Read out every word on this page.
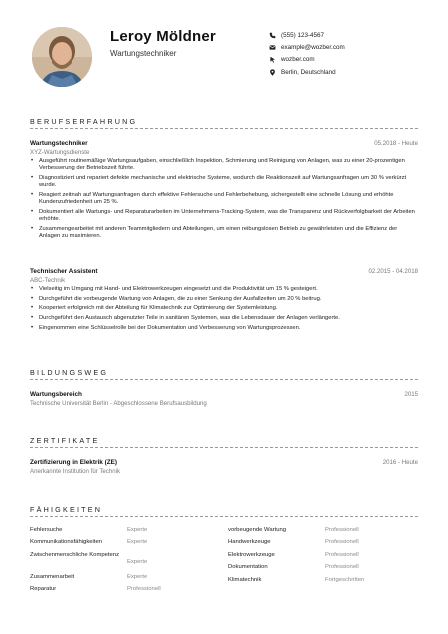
Leroy Möldner
Wartungstechniker
(555) 123-4567
example@wozber.com
wozber.com
Berlin, Deutschland
BERUFSERFAHRUNG
Wartungstechniker	05.2018 - Heute
XYZ-Wartungsdienste
• Ausgeführt routinemäßige Wartungsaufgaben, einschließlich Inspektion, Schmierung und Reinigung von Anlagen, was zu einer 20-prozentigen Verbesserung der Betriebszeit führte.
• Diagnostiziert und repariert defekte mechanische und elektrische Systeme, wodurch die Reaktionszeit auf Wartungsanfragen um 30 % verkürzt wurde.
• Reagiert zeitnah auf Wartungsanfragen durch effektive Fehlersuche und Fehlerbehebung, sichergestellt eine schnelle Lösung und erhöhte Kundenzufriedenheit um 25 %.
• Dokumentiert alle Wartungs- und Reparaturarbeiten im Unternehmens-Tracking-System, was die Transparenz und Rückverfolgbarkeit der Arbeiten erhöhte.
• Zusammengearbeitet mit anderen Teammitgliedern und Abteilungen, um einen reibungslosen Betrieb zu gewährleisten und die Effizienz der Anlagen zu maximieren.
Technischer Assistent	02.2015 - 04.2018
ABC-Technik
• Vielseitig im Umgang mit Hand- und Elektrowerkzeugen eingesetzt und die Produktivität um 15 % gesteigert.
• Durchgeführt die vorbeugende Wartung von Anlagen, die zu einer Senkung der Ausfallzeiten um 20 % beitrug.
• Kooperiert erfolgreich mit der Abteilung für Klimatechnik zur Optimierung der Systemleistung.
• Durchgeführt den Austausch abgenutzter Teile in sanitären Systemen, was die Lebensdauer der Anlagen verlängerte.
• Eingenommen eine Schlüsselrolle bei der Dokumentation und Verbesserung von Wartungsprozessen.
BILDUNGSWEG
Wartungsbereich	2015
Technische Universität Berlin - Abgeschlossene Berufsausbildung
ZERTIFIKATE
Zertifizierung in Elektrik (ZE)	2016 - Heute
Anerkannte Institution für Technik
FÄHIGKEITEN
Fehlersuche	Experte
Kommunikationsfähigkeiten	Experte
Zwischenmenschliche Kompetenz
Experte
Zusammenarbeit	Experte
Reparatur	Professionell
vorbeugende Wartung	Professionell
Handwerkzeuge	Professionell
Elektrowerkzeuge	Professionell
Dokumentation	Professionell
Klimatechnik	Fortgeschritten
